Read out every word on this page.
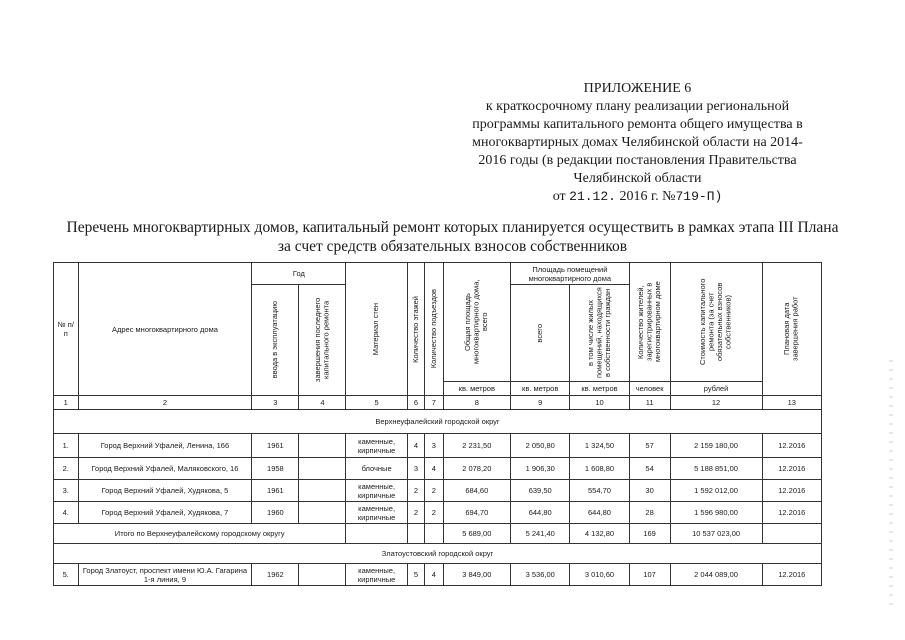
ПРИЛОЖЕНИЕ 6
к краткосрочному плану реализации региональной
программы капитального ремонта общего имущества в
многоквартирных домах Челябинской области на 2014-
2016 годы (в редакции постановления Правительства
Челябинской области
от 21.12. 2016 г. №719-П)
Перечень многоквартирных домов, капитальный ремонт которых планируется осуществить в рамках этапа III Плана
за счет средств обязательных взносов собственников
№ п/п	Адрес многоквартирного дома	Год		Материал стен	Количество этажей	Количество подъездов	Общая площадь многоквартирного дома, всего	Площадь помещений многоквартирного дома		Количество жителей, зарегистрированных в многоквартирном доме	Стоимость капитального ремонта (за счет обязательных взносов собственников)	Плановая дата завершения работ

		ввода в эксплуатацию	завершения последнего капитального ремонта					всего	в том числе жилых помещений, находящихся в собственности граждан			

							кв. метров	кв. метров	кв. метров	человек	рублей	
1	2	3	4	5	6	7	8	9	10	11	12	13
Верхнеуфалейский городской округ												
1.	Город Верхний Уфалей, Ленина, 166	1961		каменные, кирпичные	4	3	2 231,50	2 050,80	1 324,50	57	2 159 180,00	12.2016
2.	Город Верхний Уфалей, Маляковского, 16	1958		блочные	3	4	2 078,20	1 906,30	1 608,80	54	5 188 851,00	12.2016
3.	Город Верхний Уфалей, Худякова, 5	1961		каменные, кирпичные	2	2	684,60	639,50	554,70	30	1 592 012,00	12.2016
4.	Город Верхний Уфалей, Худякова, 7	1960		каменные, кирпичные	2	2	694,70	644,80	644,80	28	1 596 980,00	12.2016
Итого по Верхнеуфалейскому городскому округу							5 689,00	5 241,40	4 132,80	169	10 537 023,00	
Златоустовский городской округ												
5.	Город Златоуст, проспект имени Ю.А. Гагарина 1-я линия, 9	1962		каменные, кирпичные	5	4	3 849,00	3 536,00	3 010,60	107	2 044 089,00	12.2016
